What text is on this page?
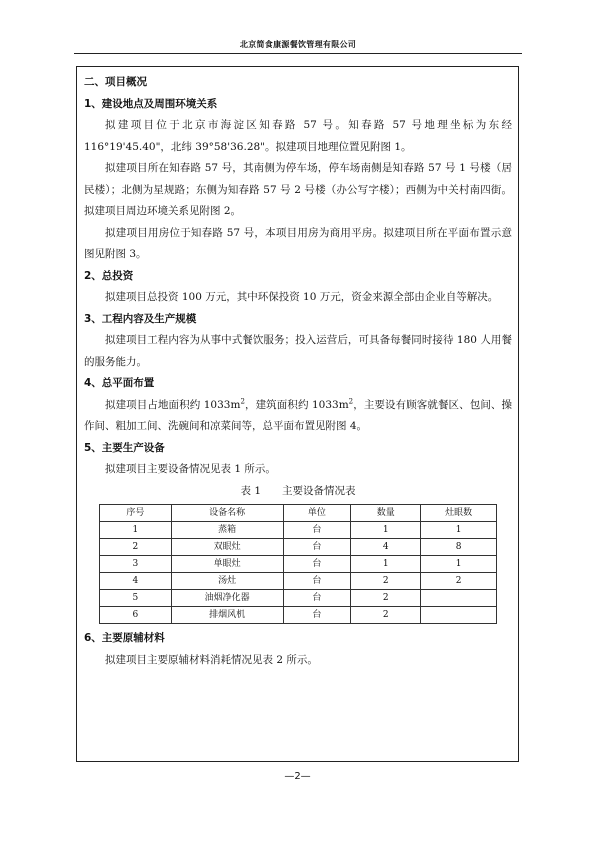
北京简食康源餐饮管理有限公司

二、项目概况

1、建设地点及周围环境关系

拟建项目位于北京市海淀区知春路 57 号。知春路 57 号地理坐标为东经116°19'45.40"，北纬 39°58'36.28"。拟建项目地理位置见附图 1。

拟建项目所在知春路 57 号，其南侧为停车场，停车场南侧是知春路 57 号 1 号楼（居民楼）；北侧为星规路；东侧为知春路 57 号 2 号楼（办公写字楼）；西侧为中关村南四街。拟建项目周边环境关系见附图 2。

拟建项目用房位于知春路 57 号，本项目用房为商用平房。拟建项目所在平面布置示意图见附图 3。

2、总投资

拟建项目总投资 100 万元，其中环保投资 10 万元，资金来源全部由企业自等解决。

3、工程内容及生产规模

拟建项目工程内容为从事中式餐饮服务；投入运营后，可具备每餐同时接待 180 人用餐的服务能力。

4、总平面布置

拟建项目占地面积约 $1033m^2$，建筑面积约 $1033m^2$，主要设有顾客就餐区、包间、操作间、粗加工间、洗碗间和凉菜间等，总平面布置见附图 4。

5、主要生产设备

拟建项目主要设备情况见表 1 所示。

表 1　　主要设备情况表

序号	设备名称	单位	数量	灶眼数
1	蒸箱	台	1	1
2	双眼灶	台	4	8
3	单眼灶	台	1	1
4	汤灶	台	2	2
5	油烟净化器	台	2	
6	排烟风机	台	2	

6、主要原辅材料

拟建项目主要原辅材料消耗情况见表 2 所示。

—2—
